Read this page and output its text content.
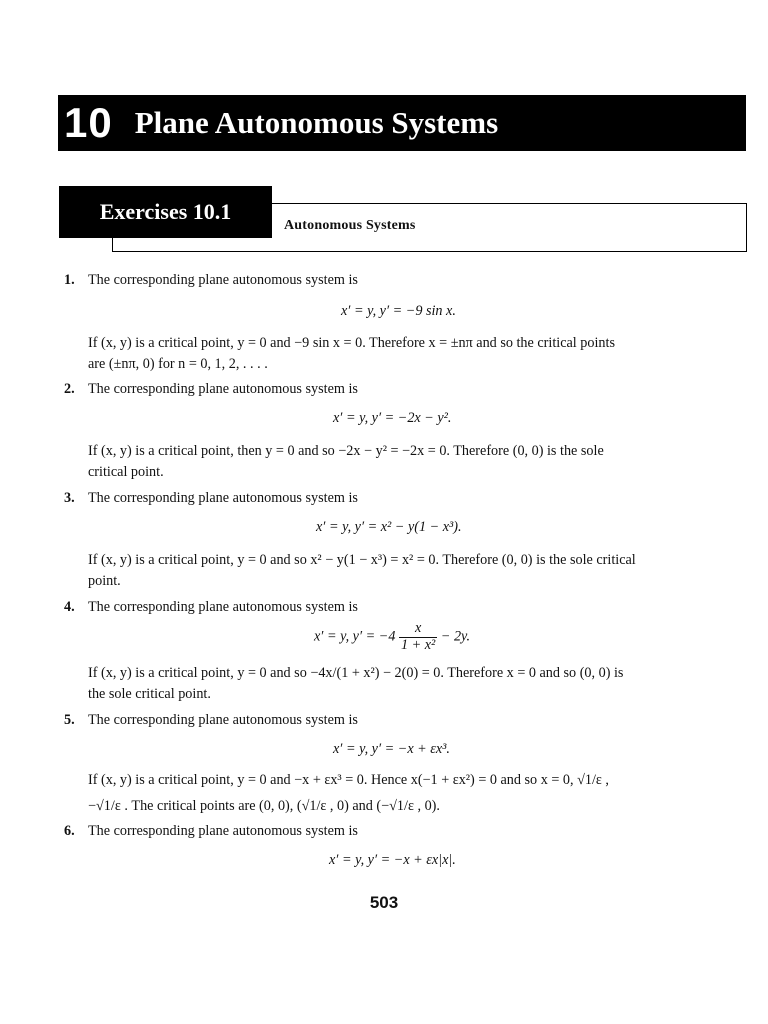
10 Plane Autonomous Systems
Exercises 10.1
Autonomous Systems
1. The corresponding plane autonomous system is
x′ = y, y′ = −9 sin x.
If (x, y) is a critical point, y = 0 and −9 sin x = 0. Therefore x = ±nπ and so the critical points
are (±nπ, 0) for n = 0, 1, 2, . . . .
2. The corresponding plane autonomous system is
x′ = y, y′ = −2x − y².
If (x, y) is a critical point, then y = 0 and so −2x − y² = −2x = 0. Therefore (0, 0) is the sole
critical point.
3. The corresponding plane autonomous system is
x′ = y, y′ = x² − y(1 − x³).
If (x, y) is a critical point, y = 0 and so x² − y(1 − x³) = x² = 0. Therefore (0, 0) is the sole critical
point.
4. The corresponding plane autonomous system is
x′ = y, $y' = -4 \frac{x}{\text{1 + x²}} - 2y$.
If (x, y) is a critical point, y = 0 and so −4x/(1 + x²) − 2(0) = 0. Therefore x = 0 and so (0, 0) is
the sole critical point.
5. The corresponding plane autonomous system is
x′ = y, y′ = −x + εx³.
If (x, y) is a critical point, y = 0 and −x + εx³ = 0. Hence x(−1 + εx²) = 0 and so x = 0, √1/ε ,
−√1/ε . The critical points are (0, 0), (√1/ε , 0) and (−√1/ε , 0).
6. The corresponding plane autonomous system is
x′ = y, y′ = −x + εx|x|.
503
